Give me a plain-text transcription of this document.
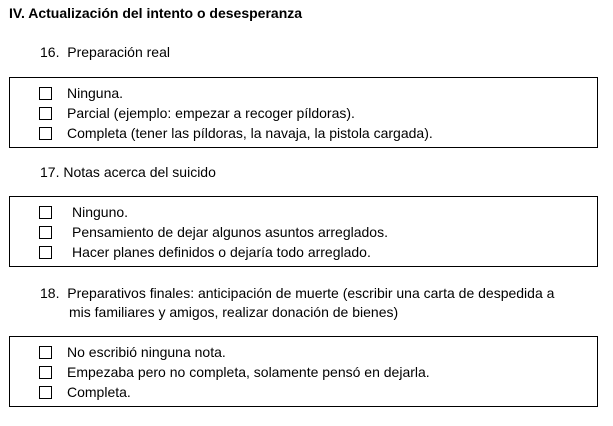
IV. Actualización del intento o desesperanza
16. Preparación real
Ninguna.
Parcial (ejemplo: empezar a recoger píldoras).
Completa (tener las píldoras, la navaja, la pistola cargada).
17. Notas acerca del suicido
Ninguno.
Pensamiento de dejar algunos asuntos arreglados.
Hacer planes definidos o dejaría todo arreglado.
18. Preparativos finales: anticipación de muerte (escribir una carta de despedida a
mis familiares y amigos, realizar donación de bienes)
No escribió ninguna nota.
Empezaba pero no completa, solamente pensó en dejarla.
Completa.
